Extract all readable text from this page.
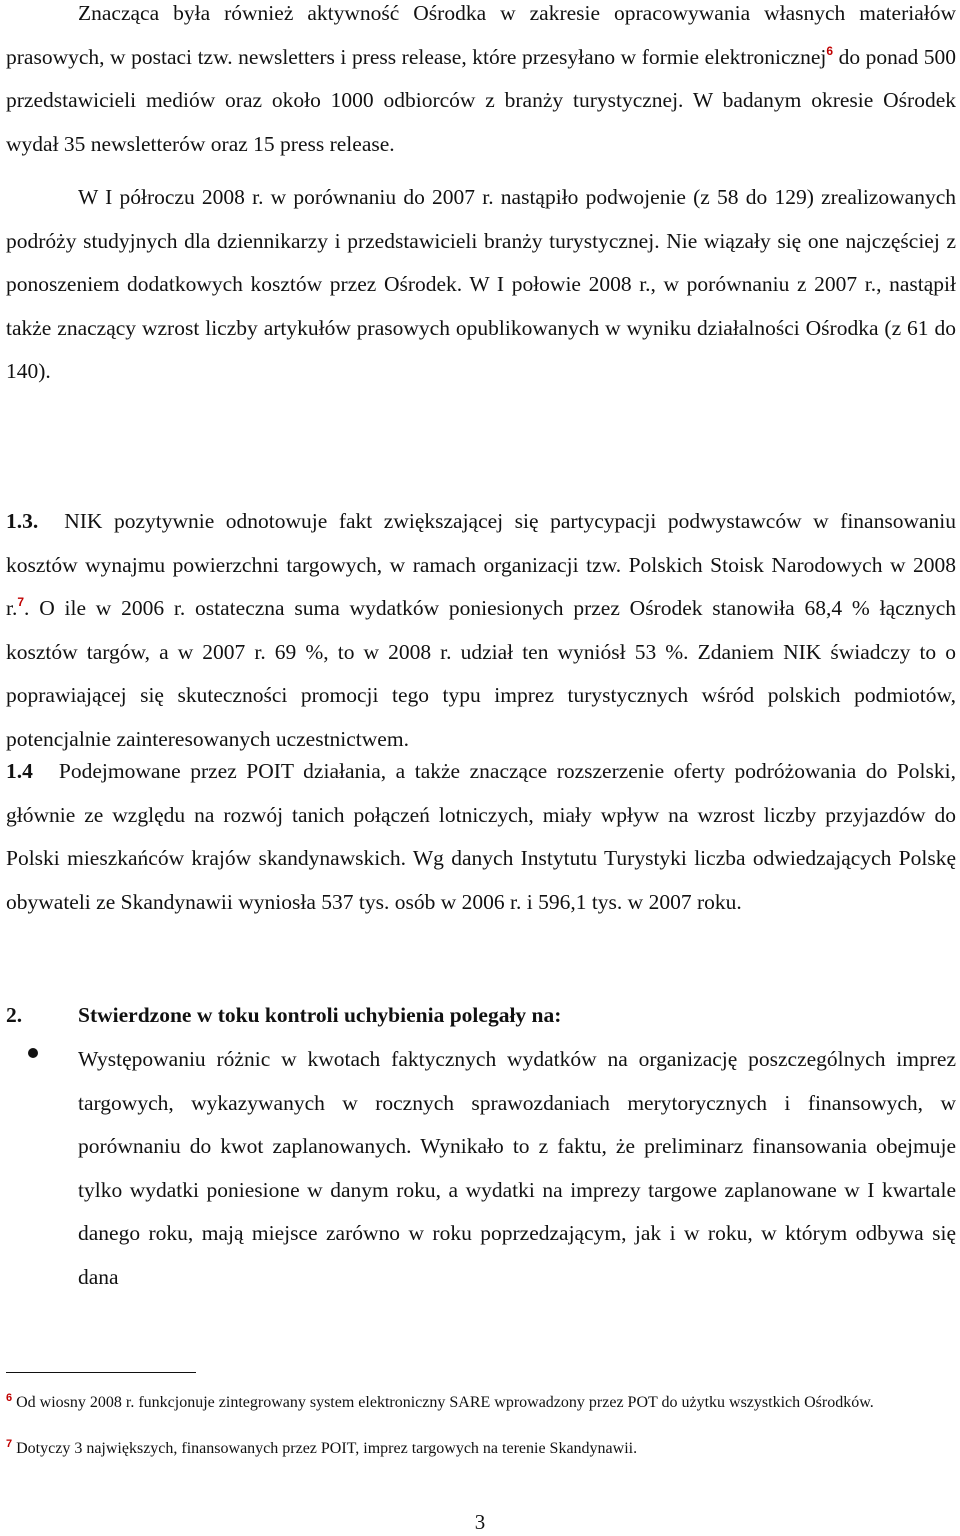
Znacząca była również aktywność Ośrodka w zakresie opracowywania własnych materiałów prasowych, w postaci tzw. newsletters i press release, które przesyłano w formie elektronicznej$^6$ do ponad 500 przedstawicieli mediów oraz około 1000 odbiorców z branży turystycznej. W badanym okresie Ośrodek wydał 35 newsletterów oraz 15 press release.

W I półroczu 2008 r. w porównaniu do 2007 r. nastąpiło podwojenie (z 58 do 129) zrealizowanych podróży studyjnych dla dziennikarzy i przedstawicieli branży turystycznej. Nie wiązały się one najczęściej z ponoszeniem dodatkowych kosztów przez Ośrodek. W I połowie 2008 r., w porównaniu z 2007 r., nastąpił także znaczący wzrost liczby artykułów prasowych opublikowanych w wyniku działalności Ośrodka (z 61 do 140).

1.3. NIK pozytywnie odnotowuje fakt zwiększającej się partycypacji podwystawców w finansowaniu kosztów wynajmu powierzchni targowych, w ramach organizacji tzw. Polskich Stoisk Narodowych w 2008 r.$^7$. O ile w 2006 r. ostateczna suma wydatków poniesionych przez Ośrodek stanowiła 68,4 % łącznych kosztów targów, a w 2007 r. 69 %, to w 2008 r. udział ten wyniósł 53 %. Zdaniem NIK świadczy to o poprawiającej się skuteczności promocji tego typu imprez turystycznych wśród polskich podmiotów, potencjalnie zainteresowanych uczestnictwem.

1.4 Podejmowane przez POIT działania, a także znaczące rozszerzenie oferty podróżowania do Polski, głównie ze względu na rozwój tanich połączeń lotniczych, miały wpływ na wzrost liczby przyjazdów do Polski mieszkańców krajów skandynawskich. Wg danych Instytutu Turystyki liczba odwiedzających Polskę obywateli ze Skandynawii wyniosła 537 tys. osób w 2006 r. i 596,1 tys. w 2007 roku.

2.	Stwierdzone w toku kontroli uchybienia polegały na:

Występowaniu różnic w kwotach faktycznych wydatków na organizację poszczególnych imprez targowych, wykazywanych w rocznych sprawozdaniach merytorycznych i finansowych, w porównaniu do kwot zaplanowanych. Wynikało to z faktu, że preliminarz finansowania obejmuje tylko wydatki poniesione w danym roku, a wydatki na imprezy targowe zaplanowane w I kwartale danego roku, mają miejsce zarówno w roku poprzedzającym, jak i w roku, w którym odbywa się dana

$^6$ Od wiosny 2008 r. funkcjonuje zintegrowany system elektroniczny SARE wprowadzony przez POT do użytku wszystkich Ośrodków.

$^7$ Dotyczy 3 największych, finansowanych przez POIT, imprez targowych na terenie Skandynawii.

3
